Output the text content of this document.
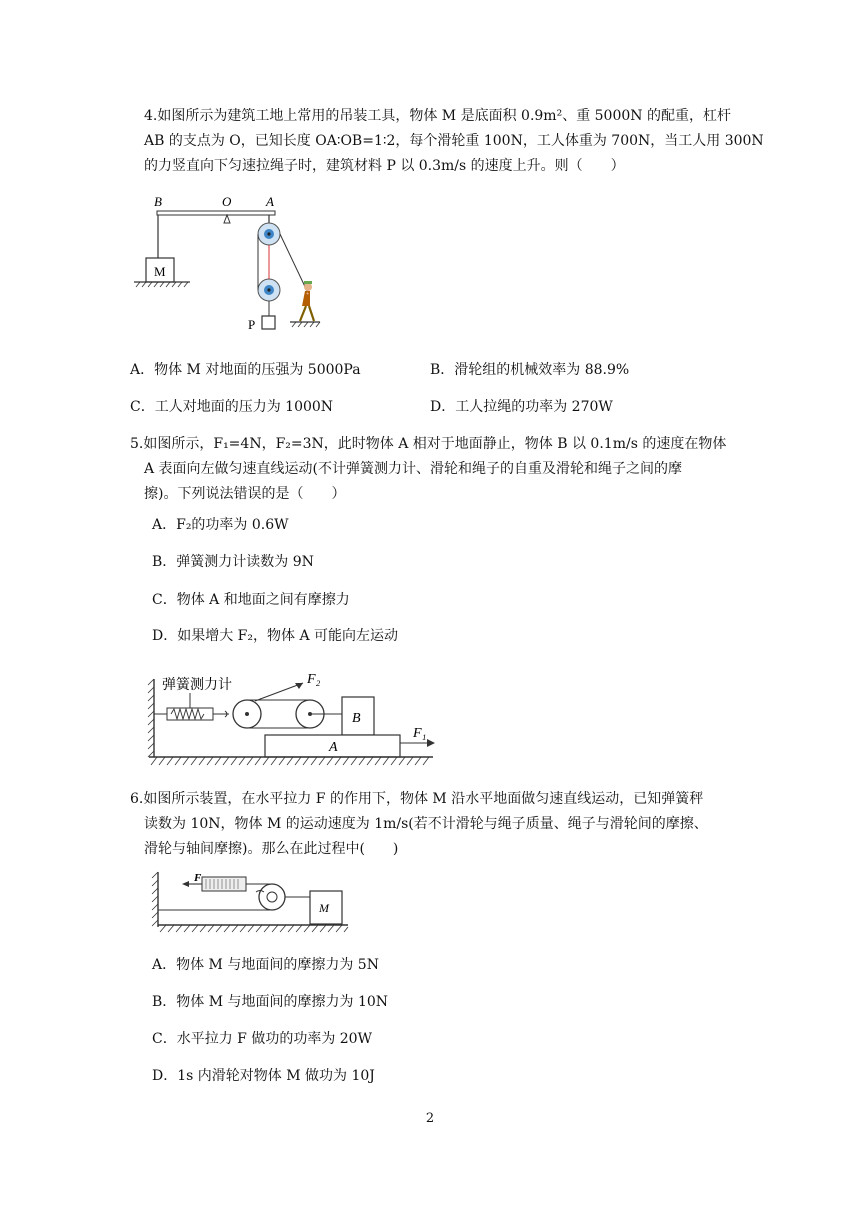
4.如图所示为建筑工地上常用的吊装工具，物体 M 是底面积 0.9m²、重 5000N 的配重，杠杆
AB 的支点为 O，已知长度 OA∶OB=1∶2，每个滑轮重 100N，工人体重为 700N，当工人用 300N
的力竖直向下匀速拉绳子时，建筑材料 P 以 0.3m/s 的速度上升。则（　　）
B	O	A
M
P
A．物体 M 对地面的压强为 5000Pa	B．滑轮组的机械效率为 88.9%
C．工人对地面的压力为 1000N	D．工人拉绳的功率为 270W
5.如图所示，F₁=4N，F₂=3N，此时物体 A 相对于地面静止，物体 B 以 0.1m/s 的速度在物体
A 表面向左做匀速直线运动(不计弹簧测力计、滑轮和绳子的自重及滑轮和绳子之间的摩
擦)。下列说法错误的是（　　）
A．F₂的功率为 0.6W
B．弹簧测力计读数为 9N
C．物体 A 和地面之间有摩擦力
D．如果增大 F₂，物体 A 可能向左运动
弹簧测力计	F₂
B
A
F₁
6.如图所示装置，在水平拉力 F 的作用下，物体 M 沿水平地面做匀速直线运动，已知弹簧秤
读数为 10N，物体 M 的运动速度为 1m/s(若不计滑轮与绳子质量、绳子与滑轮间的摩擦、
滑轮与轴间摩擦)。那么在此过程中(　　)
F
M
A．物体 M 与地面间的摩擦力为 5N
B．物体 M 与地面间的摩擦力为 10N
C．水平拉力 F 做功的功率为 20W
D．1s 内滑轮对物体 M 做功为 10J
2
